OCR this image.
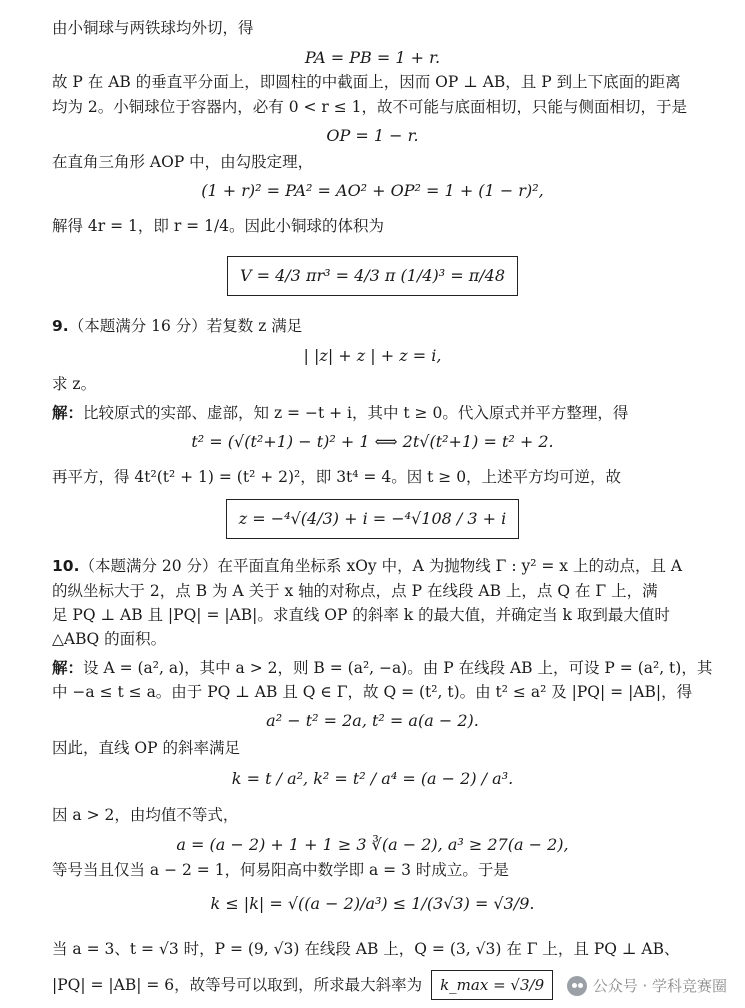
由小铜球与两铁球均外切，得
PA = PB = 1 + r.
故 P 在 AB 的垂直平分面上，即圆柱的中截面上，因而 OP ⊥ AB，且 P 到上下底面的距离
均为 2。小铜球位于容器内，必有 0 < r ≤ 1，故不可能与底面相切，只能与侧面相切，于是
OP = 1 − r.
在直角三角形 AOP 中，由勾股定理，
(1 + r)² = PA² = AO² + OP² = 1 + (1 − r)²,
解得 4r = 1，即 r = 1/4。因此小铜球的体积为
V = 4/3 πr³ = 4/3 π (1/4)³ = π/48
9.（本题满分 16 分）若复数 z 满足
| |z| + z | + z = i,
求 z。
解：比较原式的实部、虚部，知 z = −t + i，其中 t ≥ 0。代入原式并平方整理，得
t² = (√(t²+1) − t)² + 1 ⟺ 2t√(t²+1) = t² + 2.
再平方，得 4t²(t² + 1) = (t² + 2)²，即 3t⁴ = 4。因 t ≥ 0，上述平方均可逆，故
z = −⁴√(4/3) + i = −⁴√108 / 3 + i
10.（本题满分 20 分）在平面直角坐标系 xOy 中，A 为抛物线 Γ : y² = x 上的动点，且 A
的纵坐标大于 2，点 B 为 A 关于 x 轴的对称点，点 P 在线段 AB 上，点 Q 在 Γ 上，满
足 PQ ⊥ AB 且 |PQ| = |AB|。求直线 OP 的斜率 k 的最大值，并确定当 k 取到最大值时
△ABQ 的面积。
解：设 A = (a², a)，其中 a > 2，则 B = (a², −a)。由 P 在线段 AB 上，可设 P = (a², t)，其
中 −a ≤ t ≤ a。由于 PQ ⊥ AB 且 Q ∈ Γ，故 Q = (t², t)。由 t² ≤ a² 及 |PQ| = |AB|，得
a² − t² = 2a, t² = a(a − 2).
因此，直线 OP 的斜率满足
k = t / a², k² = t² / a⁴ = (a − 2) / a³.
因 a > 2，由均值不等式，
a = (a − 2) + 1 + 1 ≥ 3 ∛(a − 2), a³ ≥ 27(a − 2),
等号当且仅当 a − 2 = 1，何易阳高中数学即 a = 3 时成立。于是
k ≤ |k| = √((a − 2)/a³) ≤ 1/(3√3) = √3/9.
当 a = 3、t = √3 时，P = (9, √3) 在线段 AB 上，Q = (3, √3) 在 Γ 上，且 PQ ⊥ AB、
|PQ| = |AB| = 6，故等号可以取到，所求最大斜率为 k_max = √3/9	公众号 · 学科竞赛圈
